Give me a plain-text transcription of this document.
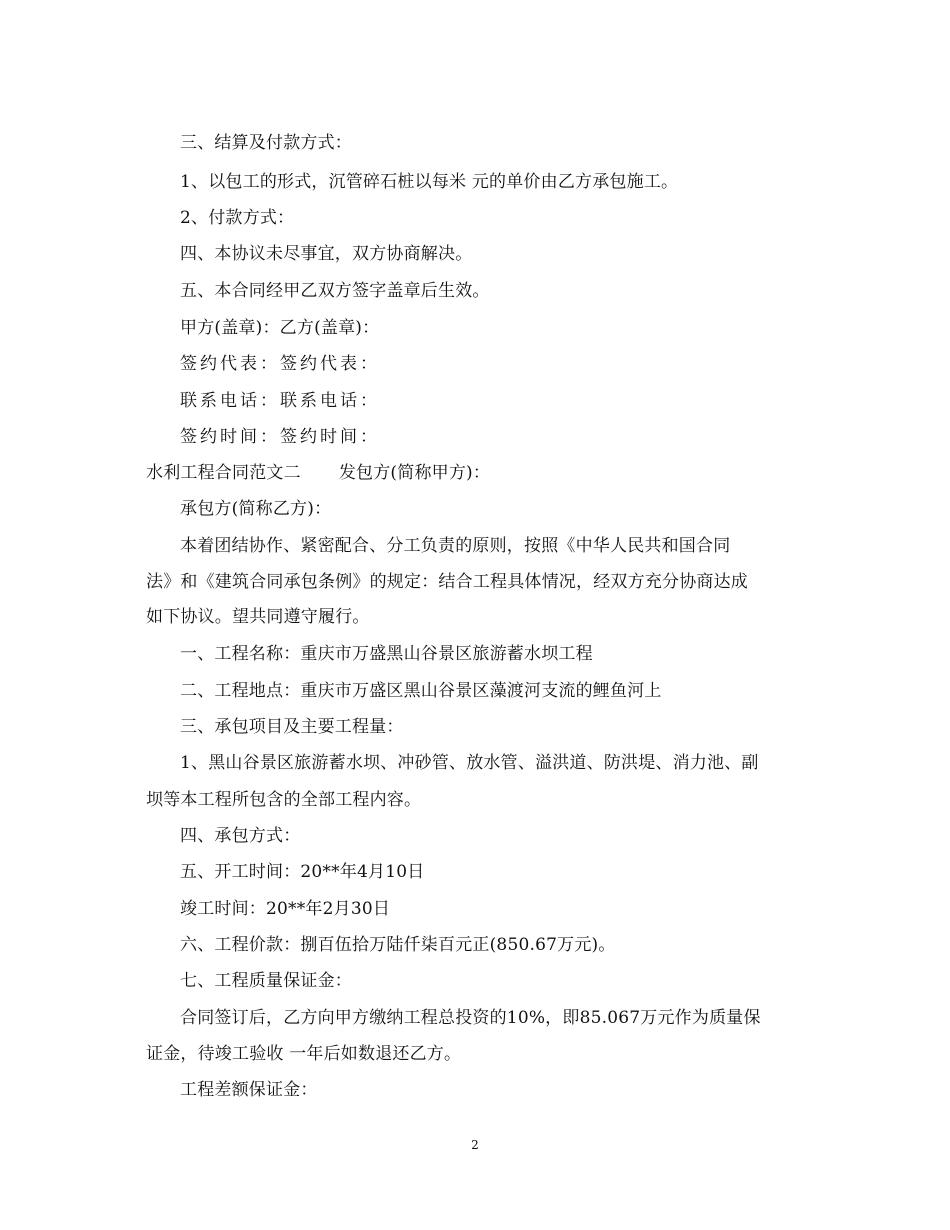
三、结算及付款方式：
1、以包工的形式，沉管碎石桩以每米 元的单价由乙方承包施工。
2、付款方式：
四、本协议未尽事宜，双方协商解决。
五、本合同经甲乙双方签字盖章后生效。
甲方(盖章)：乙方(盖章)：
签约代表：签约代表：
联系电话：联系电话：
签约时间：签约时间：
水利工程合同范文二 发包方(简称甲方)：
承包方(简称乙方)：
本着团结协作、紧密配合、分工负责的原则，按照《中华人民共和国合同
法》和《建筑合同承包条例》的规定：结合工程具体情况，经双方充分协商达成
如下协议。望共同遵守履行。
一、工程名称：重庆市万盛黑山谷景区旅游蓄水坝工程
二、工程地点：重庆市万盛区黑山谷景区藻渡河支流的鲤鱼河上
三、承包项目及主要工程量：
1、黑山谷景区旅游蓄水坝、冲砂管、放水管、溢洪道、防洪堤、消力池、副
坝等本工程所包含的全部工程内容。
四、承包方式：
五、开工时间：20**年4月10日
竣工时间：20**年2月30日
六、工程价款：捌百伍拾万陆仟柒百元正(850.67万元)。
七、工程质量保证金：
合同签订后，乙方向甲方缴纳工程总投资的10%，即85.067万元作为质量保
证金，待竣工验收 一年后如数退还乙方。
工程差额保证金：
2
